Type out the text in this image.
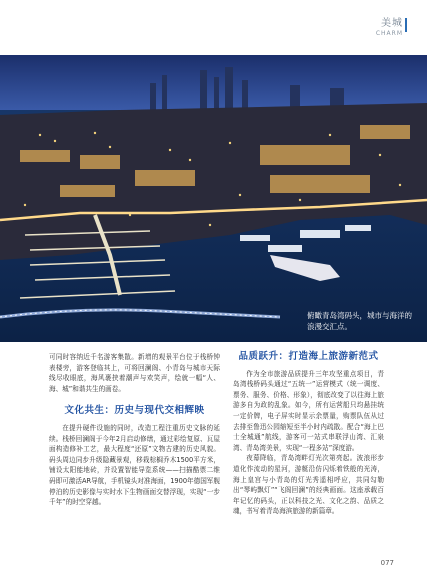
美城
CHARM
俯瞰青岛湾码头，城市与海洋的浪漫交汇点。

可同时容纳近千名游客集散。新增的观景平台位于栈桥钟表楼旁，游客登临其上，可将回澜阁、小青岛与城市天际线尽收眼底，海风裹挟着潮声与欢笑声，绘就一幅“人、海、城”和谐共生的画卷。

文化共生：历史与现代交相辉映

在提升硬件设施的同时，改造工程注重历史文脉的延续。栈桥回澜阁于今年2月启动修缮，通过彩绘复原、瓦屋面构造修补工艺，最大程度“还原”文物古建的历史风貌。码头周边同步升级隐藏景观，移栽棕榈乔木1500平方米，铺设太阳能地砖，并设置智能导览系统——扫描酷票二维码即可激活AR导航，手机镜头对准海面，1900年德国军舰停泊的历史影像与实时水下生物画面交替浮现，实现“一步千年”的时空穿越。

品质跃升：打造海上旅游新范式

作为全市旅游品质提升三年攻坚重点项目，青岛湾栈桥码头通过“五统一”运营模式（统一调度、票务、服务、价格、形象），彻底改变了以往海上旅游多自为政的乱象。如今，所有运营船只均悬挂统一定价牌，电子屏实时显示余票量，购票队伍从过去排至鲁迅公园缩短至半小时内疏散。配合“海上巴士全城通”航线，游客可一站式串联浮山湾、汇泉湾、青岛湾美景，实现“一程多站”深度游。

夜幕降临，青岛湾畔灯光次第亮起。波浪形步道化作流动的星河，游艇沿仿闪烁着铁般的光涛，海上皇宫与小青岛的灯光秀遥相呼应，共同勾勒出“琴屿飘灯”“飞阁回澜”的经典画面。这座承载百年记忆的码头，正以科技之光、文化之韵、品质之魂，书写着青岛海滨旅游的新篇章。

077
